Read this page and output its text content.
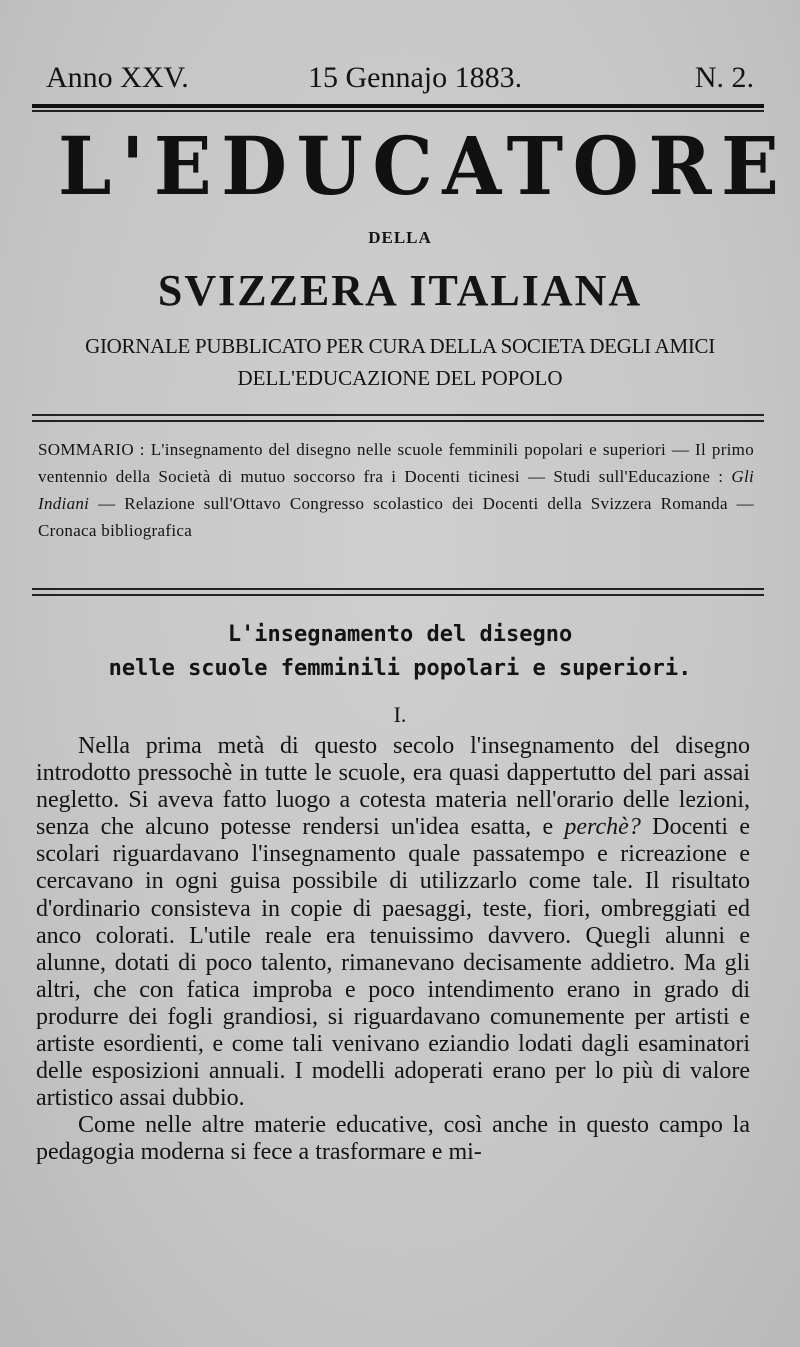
Anno XXV.	15 Gennajo 1883.	N. 2.
L'EDUCATORE
DELLA
SVIZZERA ITALIANA
GIORNALE PUBBLICATO PER CURA DELLA SOCIETA DEGLI AMICI
DELL'EDUCAZIONE DEL POPOLO

SOMMARIO : L'insegnamento del disegno nelle scuole femminili popolari e superiori — Il primo ventennio della Società di mutuo soccorso fra i Docenti ticinesi — Studi sull'Educazione : Gli Indiani — Relazione sull'Ottavo Congresso scolastico dei Docenti della Svizzera Romanda — Cronaca bibliografica

L'insegnamento del disegno
nelle scuole femminili popolari e superiori.
I.

Nella prima metà di questo secolo l'insegnamento del disegno introdotto pressochè in tutte le scuole, era quasi dappertutto del pari assai negletto. Si aveva fatto luogo a cotesta materia nell'orario delle lezioni, senza che alcuno potesse rendersi un'idea esatta, e perchè? Docenti e scolari riguardavano l'insegnamento quale passatempo e ricreazione e cercavano in ogni guisa possibile di utilizzarlo come tale. Il risultato d'ordinario consisteva in copie di paesaggi, teste, fiori, ombreggiati ed anco colorati. L'utile reale era tenuissimo davvero. Quegli alunni e alunne, dotati di poco talento, rimanevano decisamente addietro. Ma gli altri, che con fatica improba e poco intendimento erano in grado di produrre dei fogli grandiosi, si riguardavano comunemente per artisti e artiste esordienti, e come tali venivano eziandio lodati dagli esaminatori delle esposizioni annuali. I modelli adoperati erano per lo più di valore artistico assai dubbio.

Come nelle altre materie educative, così anche in questo campo la pedagogia moderna si fece a trasformare e mi-
